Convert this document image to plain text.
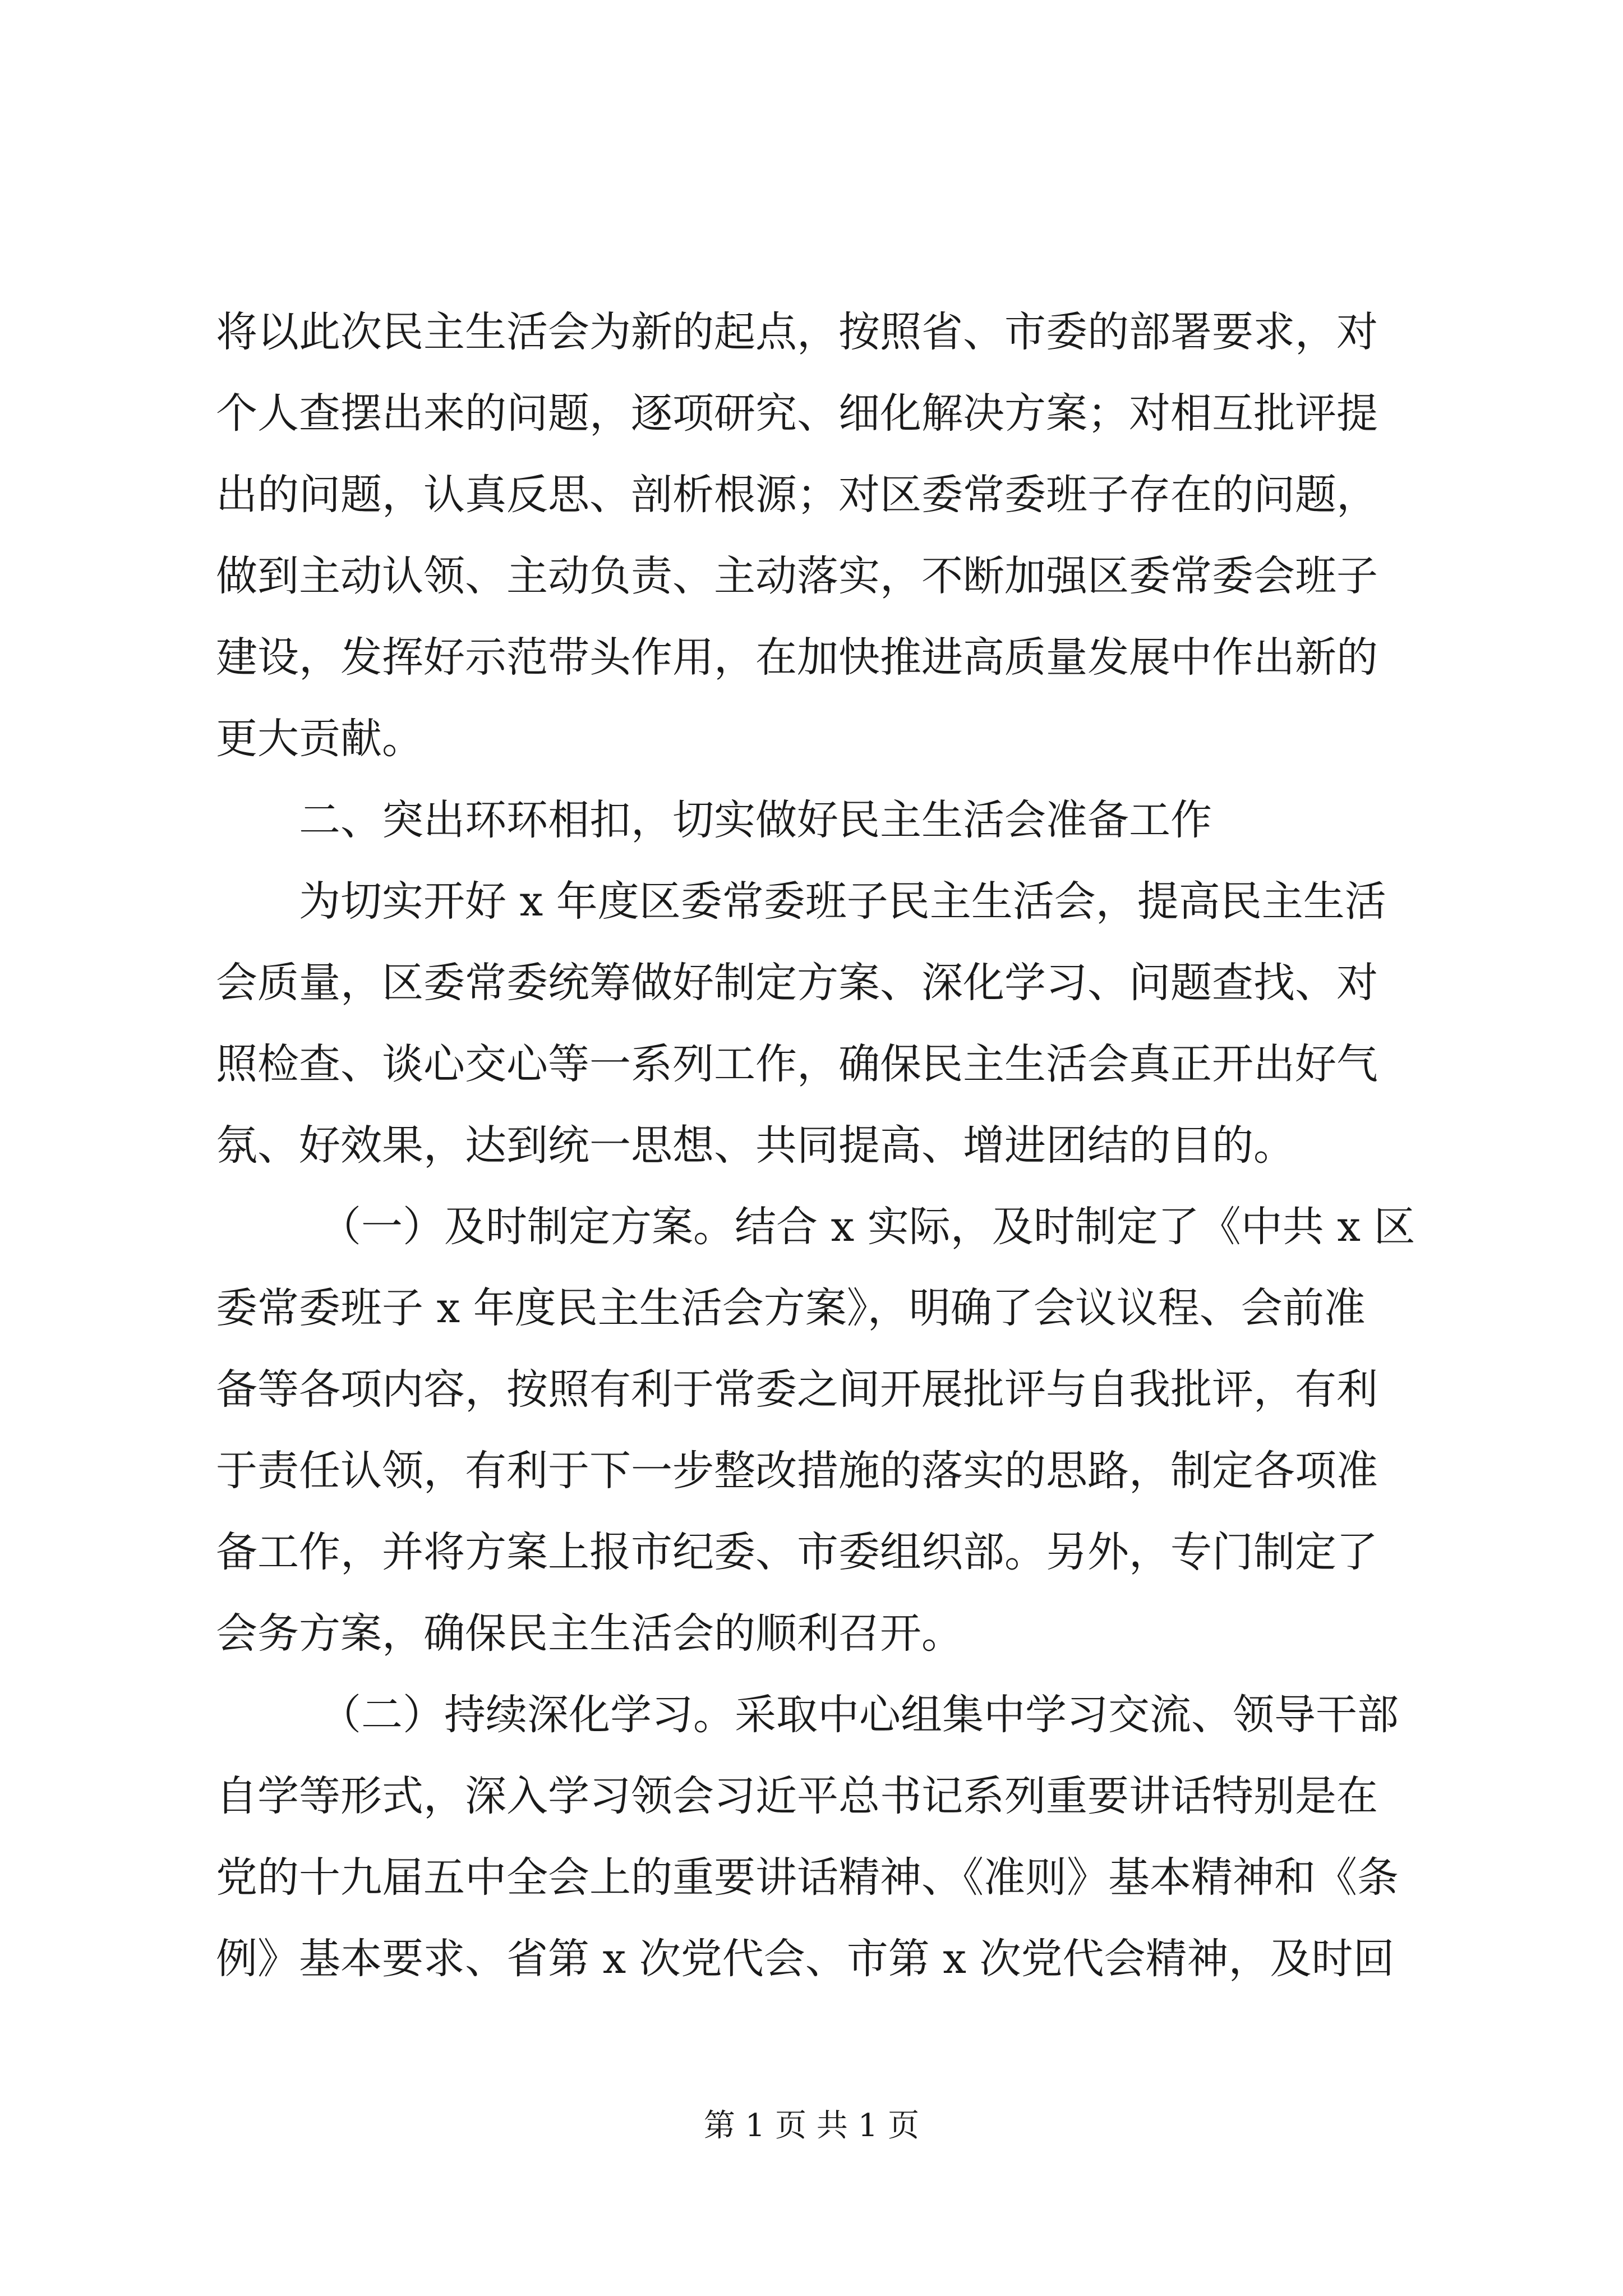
将以此次民主生活会为新的起点，按照省、市委的部署要求，对
个人查摆出来的问题，逐项研究、细化解决方案；对相互批评提
出的问题，认真反思、剖析根源；对区委常委班子存在的问题，
做到主动认领、主动负责、主动落实，不断加强区委常委会班子
建设，发挥好示范带头作用，在加快推进高质量发展中作出新的
更大贡献。
二、突出环环相扣，切实做好民主生活会准备工作
为切实开好 x 年度区委常委班子民主生活会，提高民主生活
会质量，区委常委统筹做好制定方案、深化学习、问题查找、对
照检查、谈心交心等一系列工作，确保民主生活会真正开出好气
氛、好效果，达到统一思想、共同提高、增进团结的目的。
（一）及时制定方案。结合 x 实际，及时制定了《中共 x 区
委常委班子 x 年度民主生活会方案》，明确了会议议程、会前准
备等各项内容，按照有利于常委之间开展批评与自我批评，有利
于责任认领，有利于下一步整改措施的落实的思路，制定各项准
备工作，并将方案上报市纪委、市委组织部。另外，专门制定了
会务方案，确保民主生活会的顺利召开。
（二）持续深化学习。采取中心组集中学习交流、领导干部
自学等形式，深入学习领会习近平总书记系列重要讲话特别是在
党的十九届五中全会上的重要讲话精神、《准则》基本精神和《条
例》基本要求、省第 x 次党代会、市第 x 次党代会精神，及时回
第 1 页 共 1 页
